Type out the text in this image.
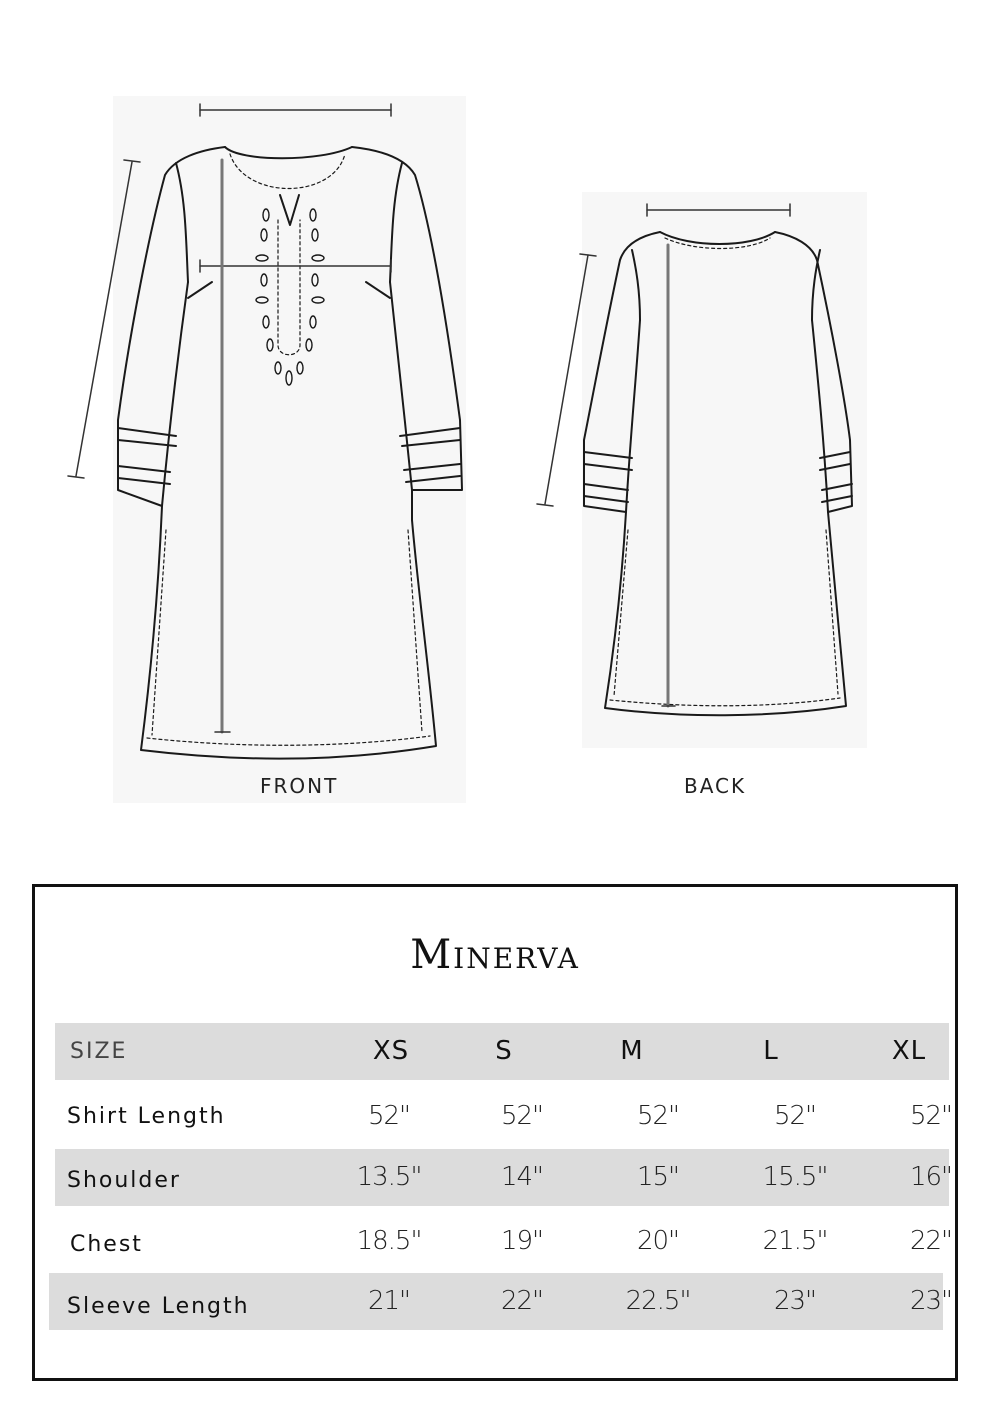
FRONT	BACK
Minerva
SIZE	XS	S	M	L	XL
Shirt Length	52"	52"	52"	52"	52"
Shoulder	13.5"	14"	15"	15.5"	16"
Chest	18.5"	19"	20"	21.5"	22"
Sleeve Length	21"	22"	22.5"	23"	23"
